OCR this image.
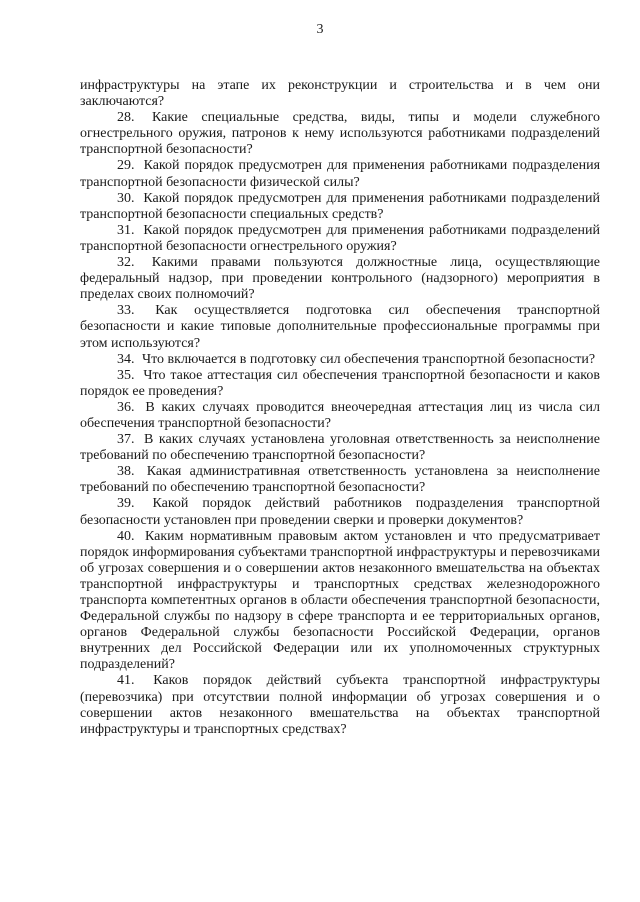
3

инфраструктуры на этапе их реконструкции и строительства и в чем они заключаются?

28. Какие специальные средства, виды, типы и модели служебного огнестрельного оружия, патронов к нему используются работниками подразделений транспортной безопасности?

29. Какой порядок предусмотрен для применения работниками подразделения транспортной безопасности физической силы?

30. Какой порядок предусмотрен для применения работниками подразделений транспортной безопасности специальных средств?

31. Какой порядок предусмотрен для применения работниками подразделений транспортной безопасности огнестрельного оружия?

32. Какими правами пользуются должностные лица, осуществляющие федеральный надзор, при проведении контрольного (надзорного) мероприятия в пределах своих полномочий?

33. Как осуществляется подготовка сил обеспечения транспортной безопасности и какие типовые дополнительные профессиональные программы при этом используются?

34. Что включается в подготовку сил обеспечения транспортной безопасности?

35. Что такое аттестация сил обеспечения транспортной безопасности и каков порядок ее проведения?

36. В каких случаях проводится внеочередная аттестация лиц из числа сил обеспечения транспортной безопасности?

37. В каких случаях установлена уголовная ответственность за неисполнение требований по обеспечению транспортной безопасности?

38. Какая административная ответственность установлена за неисполнение требований по обеспечению транспортной безопасности?

39. Какой порядок действий работников подразделения транспортной безопасности установлен при проведении сверки и проверки документов?

40. Каким нормативным правовым актом установлен и что предусматривает порядок информирования субъектами транспортной инфраструктуры и перевозчиками об угрозах совершения и о совершении актов незаконного вмешательства на объектах транспортной инфраструктуры и транспортных средствах железнодорожного транспорта компетентных органов в области обеспечения транспортной безопасности, Федеральной службы по надзору в сфере транспорта и ее территориальных органов, органов Федеральной службы безопасности Российской Федерации, органов внутренних дел Российской Федерации или их уполномоченных структурных подразделений?

41. Каков порядок действий субъекта транспортной инфраструктуры (перевозчика) при отсутствии полной информации об угрозах совершения и о совершении актов незаконного вмешательства на объектах транспортной инфраструктуры и транспортных средствах?
